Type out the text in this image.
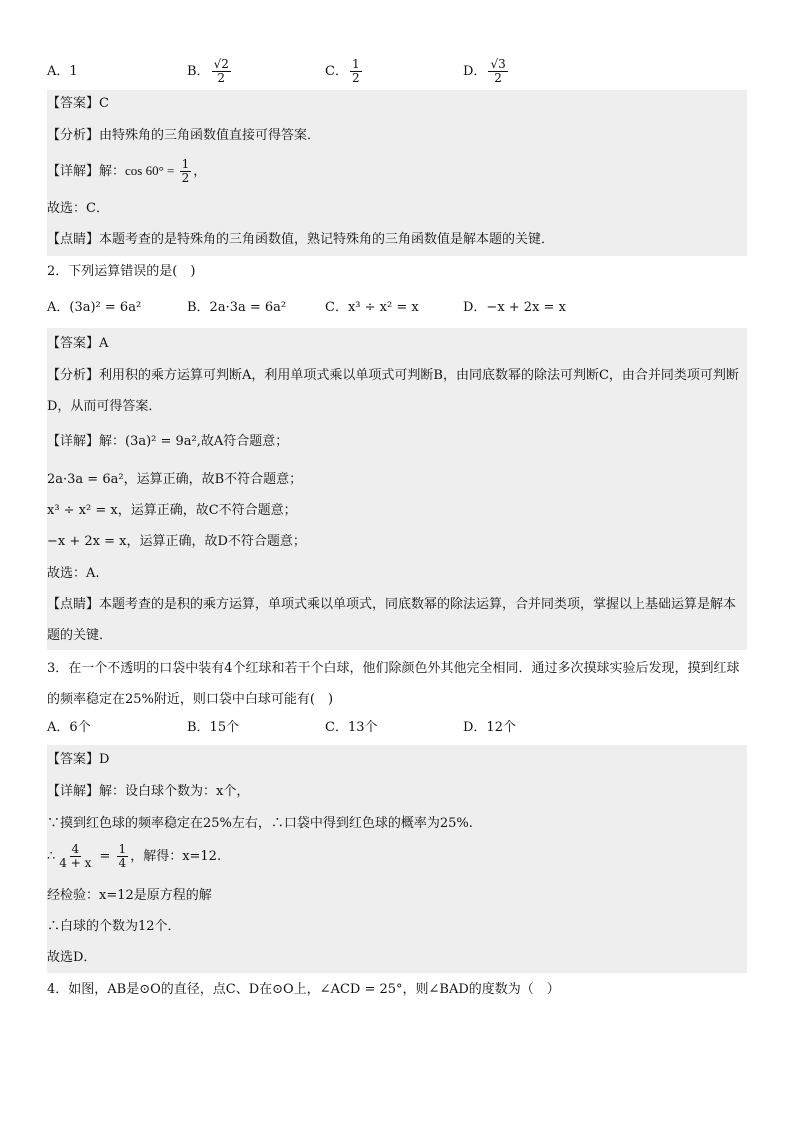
A．1	B． $\frac{√2}{2}$	C． $\frac{1}{2}$	D． $\frac{√3}{2}$
【答案】C
【分析】由特殊角的三角函数值直接可得答案．
【详解】解：$\cos 60^\circ = \frac{1}{2}$ ，
故选：C．
【点睛】本题考查的是特殊角的三角函数值，熟记特殊角的三角函数值是解本题的关键．
2．下列运算错误的是(　)
A．(3a)² = 6a²	B．2a·3a = 6a²	C．x³ ÷ x² = x	D．−x + 2x = x
【答案】A
【分析】利用积的乘方运算可判断A，利用单项式乘以单项式可判断B，由同底数幂的除法可判断C，由合并同类项可判断D，从而可得答案．
【详解】解：(3a)² = 9a²,故A符合题意；
2a·3a = 6a²，运算正确，故B不符合题意；
x³ ÷ x² = x，运算正确，故C不符合题意；
−x + 2x = x，运算正确，故D不符合题意；
故选：A.
【点睛】本题考查的是积的乘方运算，单项式乘以单项式，同底数幂的除法运算，合并同类项，掌握以上基础运算是解本题的关键．
3．在一个不透明的口袋中装有4个红球和若干个白球，他们除颜色外其他完全相同．通过多次摸球实验后发现，摸到红球的频率稳定在25%附近，则口袋中白球可能有(　)
A．6个	B．15个	C．13个	D．12个
【答案】D
【详解】解：设白球个数为：x个，
∵摸到红色球的频率稳定在25%左右，∴口袋中得到红色球的概率为25%.
∴ $\frac{4}{4 + x} = \frac{1}{4}$ ，解得：x=12.
经检验：x=12是原方程的解
∴白球的个数为12个．
故选D．
4．如图，AB是⊙O的直径，点C、D在⊙O上，∠ACD = 25°，则∠BAD的度数为（　）
